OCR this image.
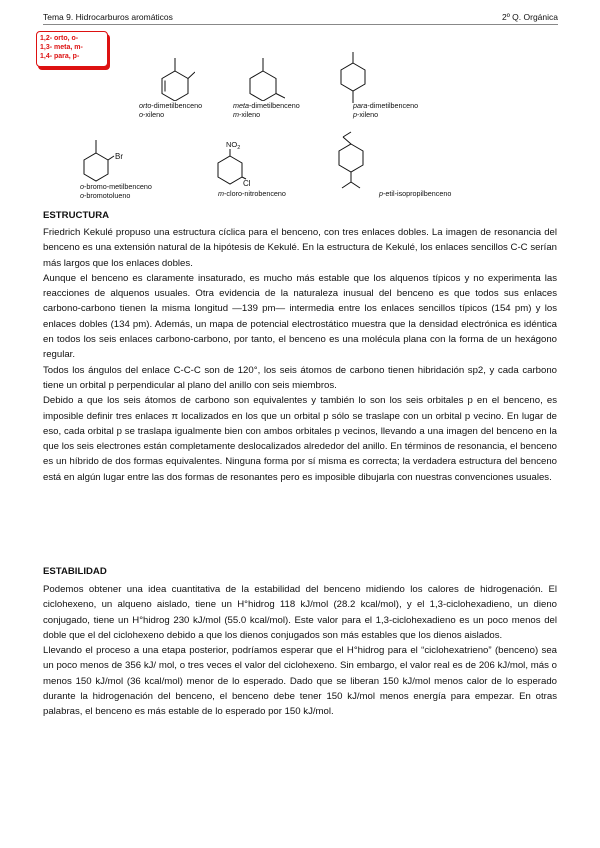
Tema 9. Hidrocarburos aromáticos	2º Q. Orgánica
1,2- orto, o-
1,3- meta, m-
1,4- para, p-
orto-dimetilbenceno
o-xileno
meta-dimetilbenceno
m-xileno
para-dimetilbenceno
p-xileno
Br
o-bromo-metilbenceno
o-bromotolueno
$NO_2$
Cl
m-cloro-nitrobenceno	p-etil-isopropilbenceno
ESTRUCTURA

Friedrich Kekulé propuso una estructura cíclica para el benceno, con tres enlaces dobles. La imagen de resonancia del benceno es una extensión natural de la hipótesis de Kekulé. En la estructura de Kekulé, los enlaces sencillos C-C serían más largos que los enlaces dobles.

Aunque el benceno es claramente insaturado, es mucho más estable que los alquenos típicos y no experimenta las reacciones de alquenos usuales. Otra evidencia de la naturaleza inusual del benceno es que todos sus enlaces carbono-carbono tienen la misma longitud —139 pm— intermedia entre los enlaces sencillos típicos (154 pm) y los enlaces dobles (134 pm). Además, un mapa de potencial electrostático muestra que la densidad electrónica es idéntica en todos los seis enlaces carbono-carbono, por tanto, el benceno es una molécula plana con la forma de un hexágono regular.

Todos los ángulos del enlace C-C-C son de 120°, los seis átomos de carbono tienen hibridación sp2, y cada carbono tiene un orbital p perpendicular al plano del anillo con seis miembros.

Debido a que los seis átomos de carbono son equivalentes y también lo son los seis orbitales p en el benceno, es imposible definir tres enlaces π localizados en los que un orbital p sólo se traslape con un orbital p vecino. En lugar de eso, cada orbital p se traslapa igualmente bien con ambos orbitales p vecinos, llevando a una imagen del benceno en la que los seis electrones están completamente deslocalizados alrededor del anillo. En términos de resonancia, el benceno es un híbrido de dos formas equivalentes. Ninguna forma por sí misma es correcta; la verdadera estructura del benceno está en algún lugar entre las dos formas de resonantes pero es imposible dibujarla con nuestras convenciones usuales.

ESTABILIDAD

Podemos obtener una idea cuantitativa de la estabilidad del benceno midiendo los calores de hidrogenación. El ciclohexeno, un alqueno aislado, tiene un H°hidrog 118 kJ/mol (28.2 kcal/mol), y el 1,3-ciclohexadieno, un dieno conjugado, tiene un H°hidrog 230 kJ/mol (55.0 kcal/mol). Este valor para el 1,3-ciclohexadieno es un poco menos del doble que el del ciclohexeno debido a que los dienos conjugados son más estables que los dienos aislados.

Llevando el proceso a una etapa posterior, podríamos esperar que el H°hidrog para el “ciclohexatrieno” (benceno) sea un poco menos de 356 kJ/ mol, o tres veces el valor del ciclohexeno. Sin embargo, el valor real es de 206 kJ/mol, más o menos 150 kJ/mol (36 kcal/mol) menor de lo esperado. Dado que se liberan 150 kJ/mol menos calor de lo esperado durante la hidrogenación del benceno, el benceno debe tener 150 kJ/mol menos energía para empezar. En otras palabras, el benceno es más estable de lo esperado por 150 kJ/mol.
